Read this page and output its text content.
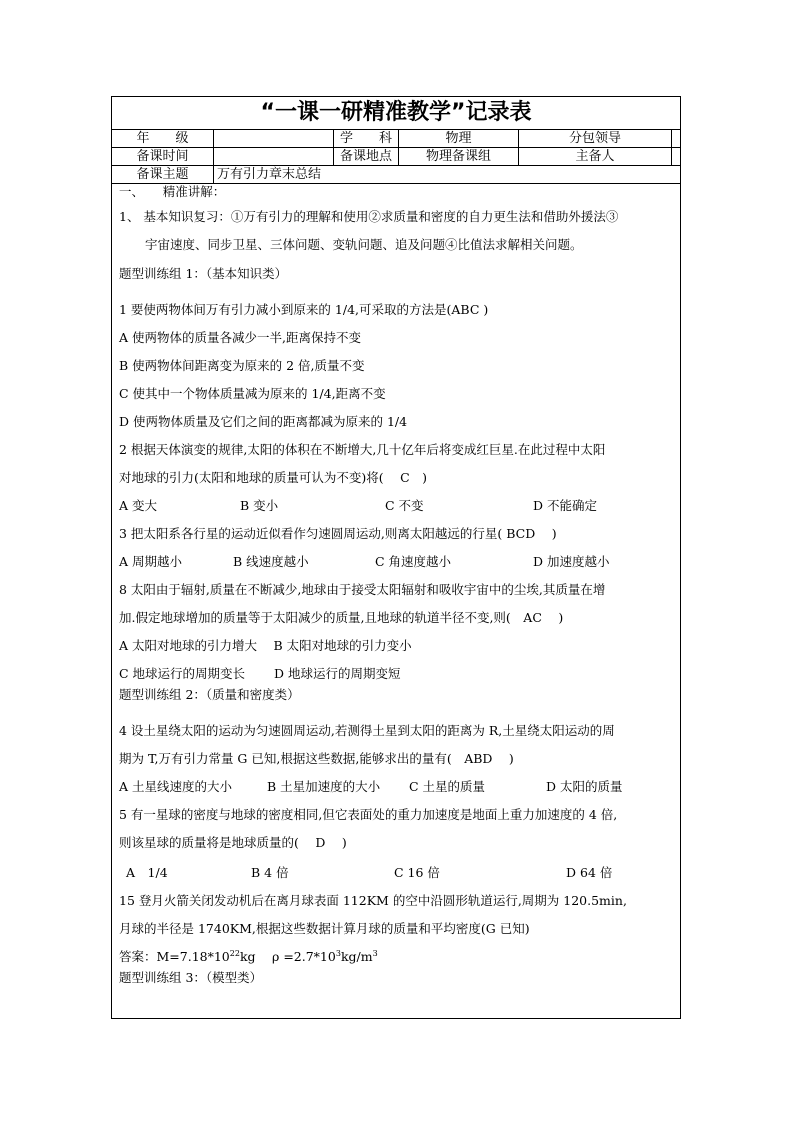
“一课一研精准教学”记录表
年　　级		学　　科	物理	分包领导	
备课时间		备课地点	物理备课组	主备人	
备课主题	万有引力章末总结				
一、　　精准讲解：
1、 基本知识复习：①万有引力的理解和使用②求质量和密度的自力更生法和借助外援法③
宇宙速度、同步卫星、三体问题、变轨问题、追及问题④比值法求解相关问题。
题型训练组 1：（基本知识类）
1 要使两物体间万有引力减小到原来的 1/4,可采取的方法是(ABC )
A 使两物体的质量各减少一半,距离保持不变
B 使两物体间距离变为原来的 2 倍,质量不变
C 使其中一个物体质量减为原来的 1/4,距离不变
D 使两物体质量及它们之间的距离都减为原来的 1/4
2 根据天体演变的规律,太阳的体积在不断增大,几十亿年后将变成红巨星.在此过程中太阳
对地球的引力(太阳和地球的质量可认为不变)将(　 C　)
A 变大	B 变小	C 不变	D 不能确定
3 把太阳系各行星的运动近似看作匀速圆周运动,则离太阳越远的行星( BCD　 )
A 周期越小	B 线速度越小	C 角速度越小	D 加速度越小
8 太阳由于辐射,质量在不断减少,地球由于接受太阳辐射和吸收宇宙中的尘埃,其质量在增
加.假定地球增加的质量等于太阳减少的质量,且地球的轨道半径不变,则(　AC　 )
A 太阳对地球的引力增大　 B 太阳对地球的引力变小
C 地球运行的周期变长　　 D 地球运行的周期变短
题型训练组 2：（质量和密度类）
4 设土星绕太阳的运动为匀速圆周运动,若测得土星到太阳的距离为 R,土星绕太阳运动的周
期为 T,万有引力常量 G 已知,根据这些数据,能够求出的量有(　ABD　 )
A 土星线速度的大小	B 土星加速度的大小 C 土星的质量	D 太阳的质量
5 有一星球的密度与地球的密度相同,但它表面处的重力加速度是地面上重力加速度的 4 倍,
则该星球的质量将是地球质量的(　 D　 )
A　1/4	B 4 倍	C 16 倍	D 64 倍
15 登月火箭关闭发动机后在离月球表面 112KM 的空中沿圆形轨道运行,周期为 120.5min,
月球的半径是 1740KM,根据这些数据计算月球的质量和平均密度(G 已知)
答案：$M=7.18*10^{22}kg$　 $\rho =2.7*10^3kg/m^3$
题型训练组 3：（模型类）
